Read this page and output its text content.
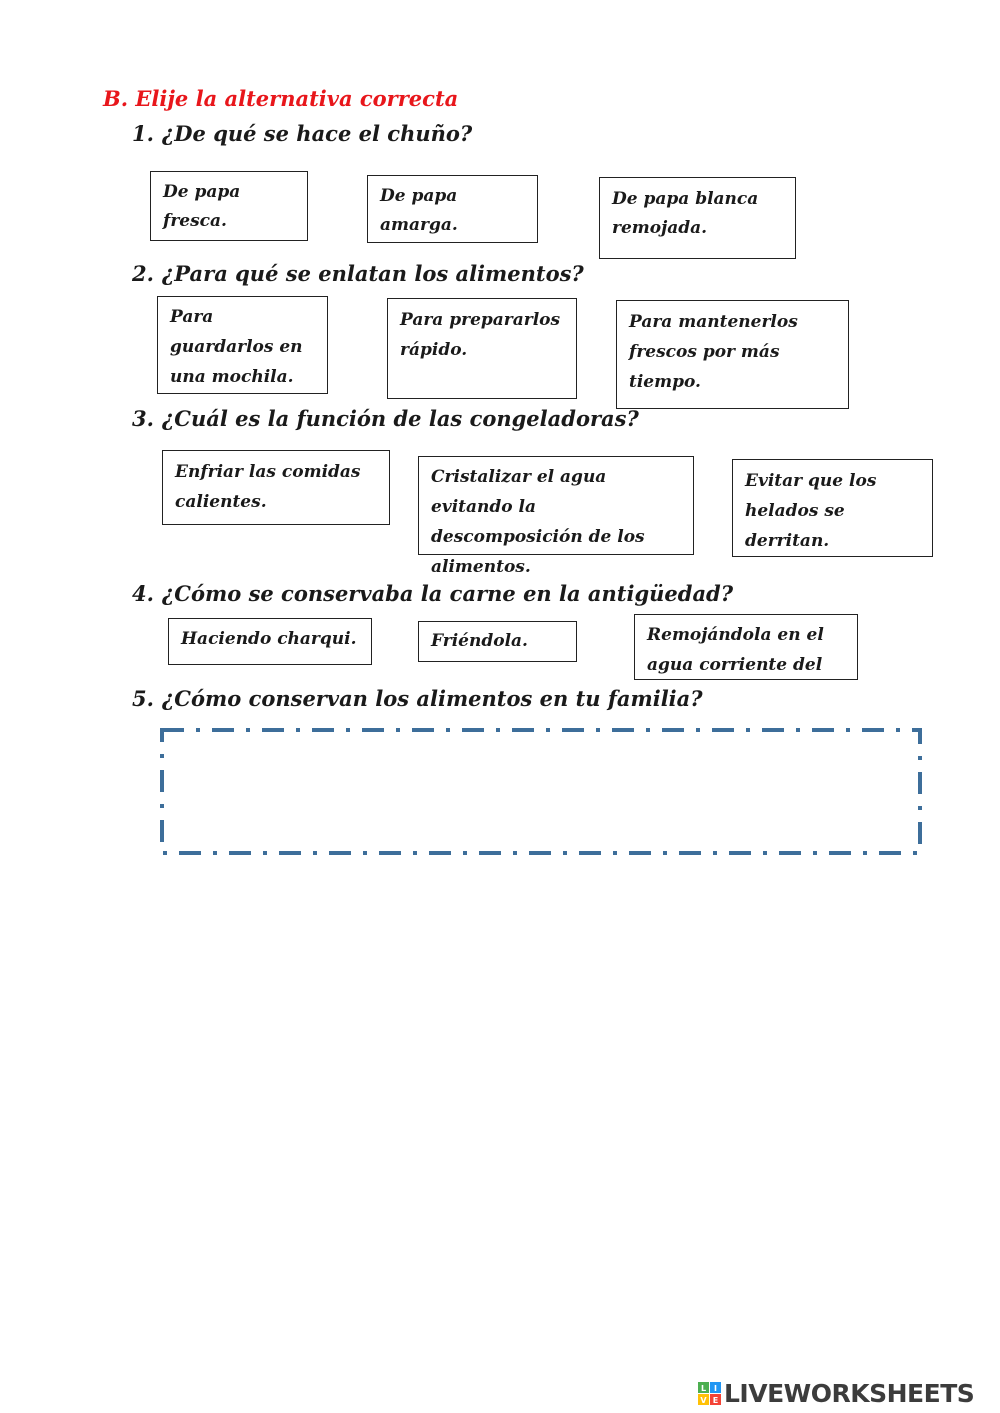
B. Elije la alternativa correcta
1. ¿De qué se hace el chuño?
De papa fresca.
De papa amarga.
De papa blanca remojada.
2. ¿Para qué se enlatan los alimentos?
Para guardarlos en una mochila.
Para prepararlos rápido.
Para mantenerlos frescos por más tiempo.
3. ¿Cuál es la función de las congeladoras?
Enfriar las comidas calientes.
Cristalizar el agua evitando la descomposición de los alimentos.
Evitar que los helados se derritan.
4. ¿Cómo se conservaba la carne en la antigüedad?
Haciendo charqui.	Friéndola.	Remojándola en el agua corriente del
5. ¿Cómo conservan los alimentos en tu familia?
L I
V E LIVEWORKSHEETS
